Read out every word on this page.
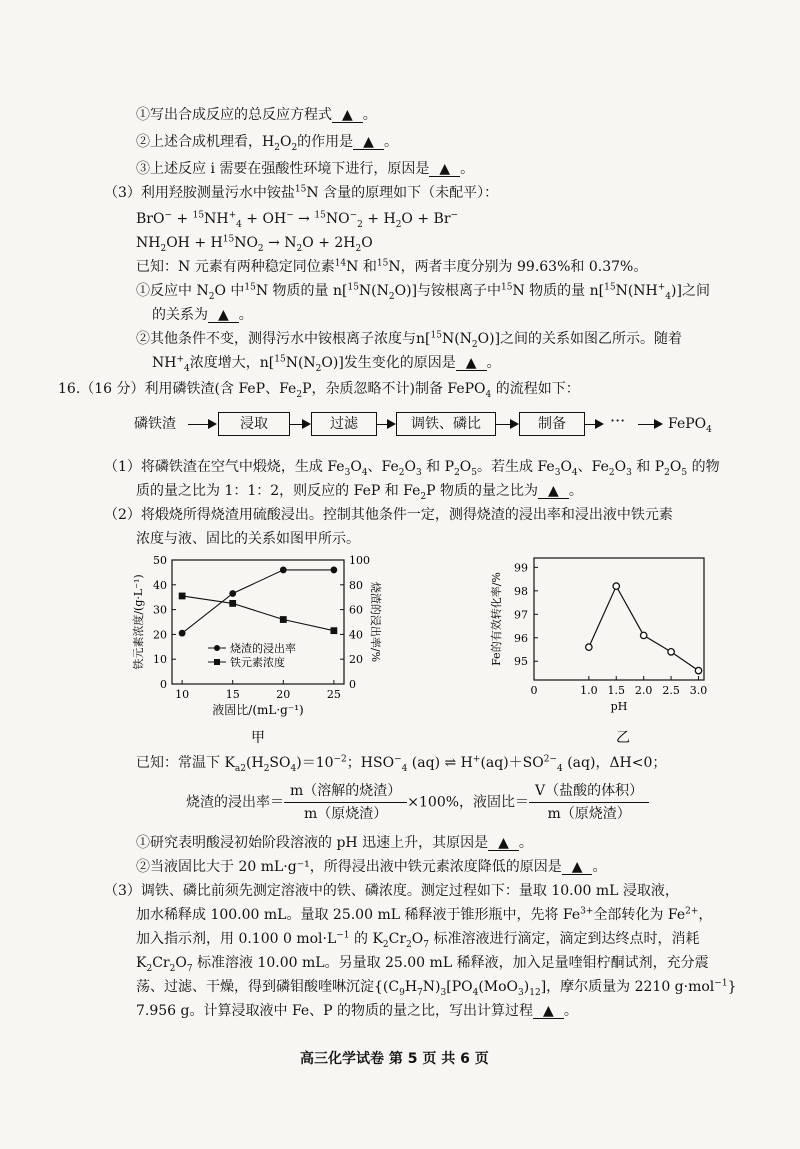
①写出合成反应的总反应方程式 ▲ 。
②上述合成机理看，$H_2O_2$的作用是 ▲ 。
③上述反应 i 需要在强酸性环境下进行，原因是 ▲ 。
（3）利用羟胺测量污水中铵盐$^{15}$N 含量的原理如下（未配平）：
$BrO^- + ^{15}NH^+_4 + OH^- \to ^{15}NO^-_2 + H_2O + Br^-$
$NH_2OH + H^{15}NO_2 \to N_2O + 2H_2O$
已知：N 元素有两种稳定同位素$^{14}$N 和$^{15}$N，两者丰度分别为 99.63%和 0.37%。
①反应中 $N_2O$ 中$^{15}$N 物质的量 $n[^{15}N(N_2O)]$与铵根离子中$^{15}$N 物质的量 $n[^{15}N(NH^+_4)]$之间
的关系为 ▲ 。
②其他条件不变，测得污水中铵根离子浓度与$n[^{15}N(N_2O)]$之间的关系如图乙所示。随着
$NH^+_4$浓度增大，$n[^{15}N(N_2O)]$发生变化的原因是 ▲ 。
16.（16 分）利用磷铁渣(含 FeP、$Fe_2P$，杂质忽略不计)制备 FePO$_4$ 的流程如下：
磷铁渣	浸取	过滤	调铁、磷比	制备	···	FePO$_4$
（1）将磷铁渣在空气中煅烧，生成 $Fe_3O_4$、$Fe_2O_3$ 和 $P_2O_5$。若生成 $Fe_3O_4$、$Fe_2O_3$ 和 $P_2O_5$ 的物
质的量之比为 1：1：2，则反应的 FeP 和 $Fe_2P$ 物质的量之比为 ▲ 。
（2）将煅烧所得烧渣用硫酸浸出。控制其他条件一定，测得烧渣的浸出率和浸出液中铁元素
浓度与液、固比的关系如图甲所示。
0
10
20
30
40
50
0
20
40
60
80
100
10	15	20	25
液固比/(mL·g⁻¹)
铁元素浓度/(g·L⁻¹)	烧渣的浸出率/%
烧渣的浸出率
铁元素浓度
甲
95
96
97
98
99
0	1.0 1.5 2.0 2.5 3.0
pH
Fe的有效转化率/%
乙
已知：常温下 $K_{a2}(H_2SO_4)=10^{-2}$；$HSO^-_4$ (aq) ⇌ $H^+(aq)+SO^{2-}_4$ (aq)，ΔH<0；
烧渣的浸出率＝ $\frac{\text{m（溶解的烧渣）}}{\text{m（原烧渣）}} \times 100\%$，液固比＝ $\frac{\text{V（盐酸的体积）}}{\text{m（原烧渣）}}$
①研究表明酸浸初始阶段溶液的 pH 迅速上升，其原因是 ▲ 。
②当液固比大于 20 mL·g⁻¹，所得浸出液中铁元素浓度降低的原因是 ▲ 。
（3）调铁、磷比前须先测定溶液中的铁、磷浓度。测定过程如下：量取 10.00 mL 浸取液，
加水稀释成 100.00 mL。量取 25.00 mL 稀释液于锥形瓶中，先将 $Fe^{3+}$全部转化为 $Fe^{2+}$，
加入指示剂，用 0.100 0 $mol\cdot L^{-1}$ 的 $K_2Cr_2O_7$ 标准溶液进行滴定，滴定到达终点时，消耗
$K_2Cr_2O_7$ 标准溶液 10.00 mL。另量取 25.00 mL 稀释液，加入足量喹钼柠酮试剂，充分震
荡、过滤、干燥，得到磷钼酸喹啉沉淀{$(C_9H_7N)_3[PO_4(MoO_3)_{12}]$，摩尔质量为 2210 g·mol$^{-1}$}
7.956 g。计算浸取液中 Fe、P 的物质的量之比，写出计算过程 ▲ 。
高三化学试卷 第 5 页 共 6 页
